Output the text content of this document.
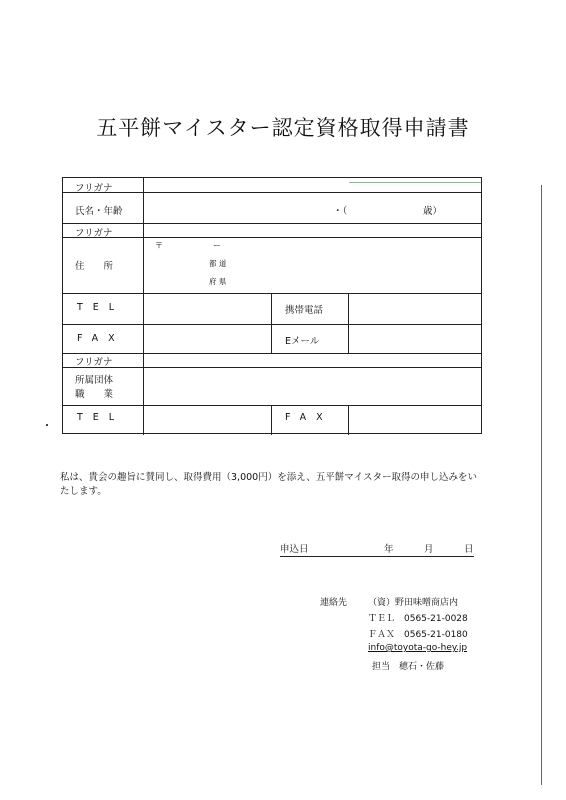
五平餅マイスター認定資格取得申請書
フリガナ
氏名・年齢	・（	歳）
フリガナ
住　　所
〒	ー
都 道
府 県
TEL	携帯電話
FAX	Eメール
フリガナ
所属団体
職　　業
TEL	FAX
私は、貴会の趣旨に賛同し、取得費用（3,000円）を添え、五平餅マイスター取得の申し込みをいたします。
申込日	年	月	日
連絡先 （資）野田味噌商店内
ＴＥＬ　0565-21-0028
ＦＡＸ　0565-21-0180
info@toyota-go-hey.jp
担当　穂石・佐藤
